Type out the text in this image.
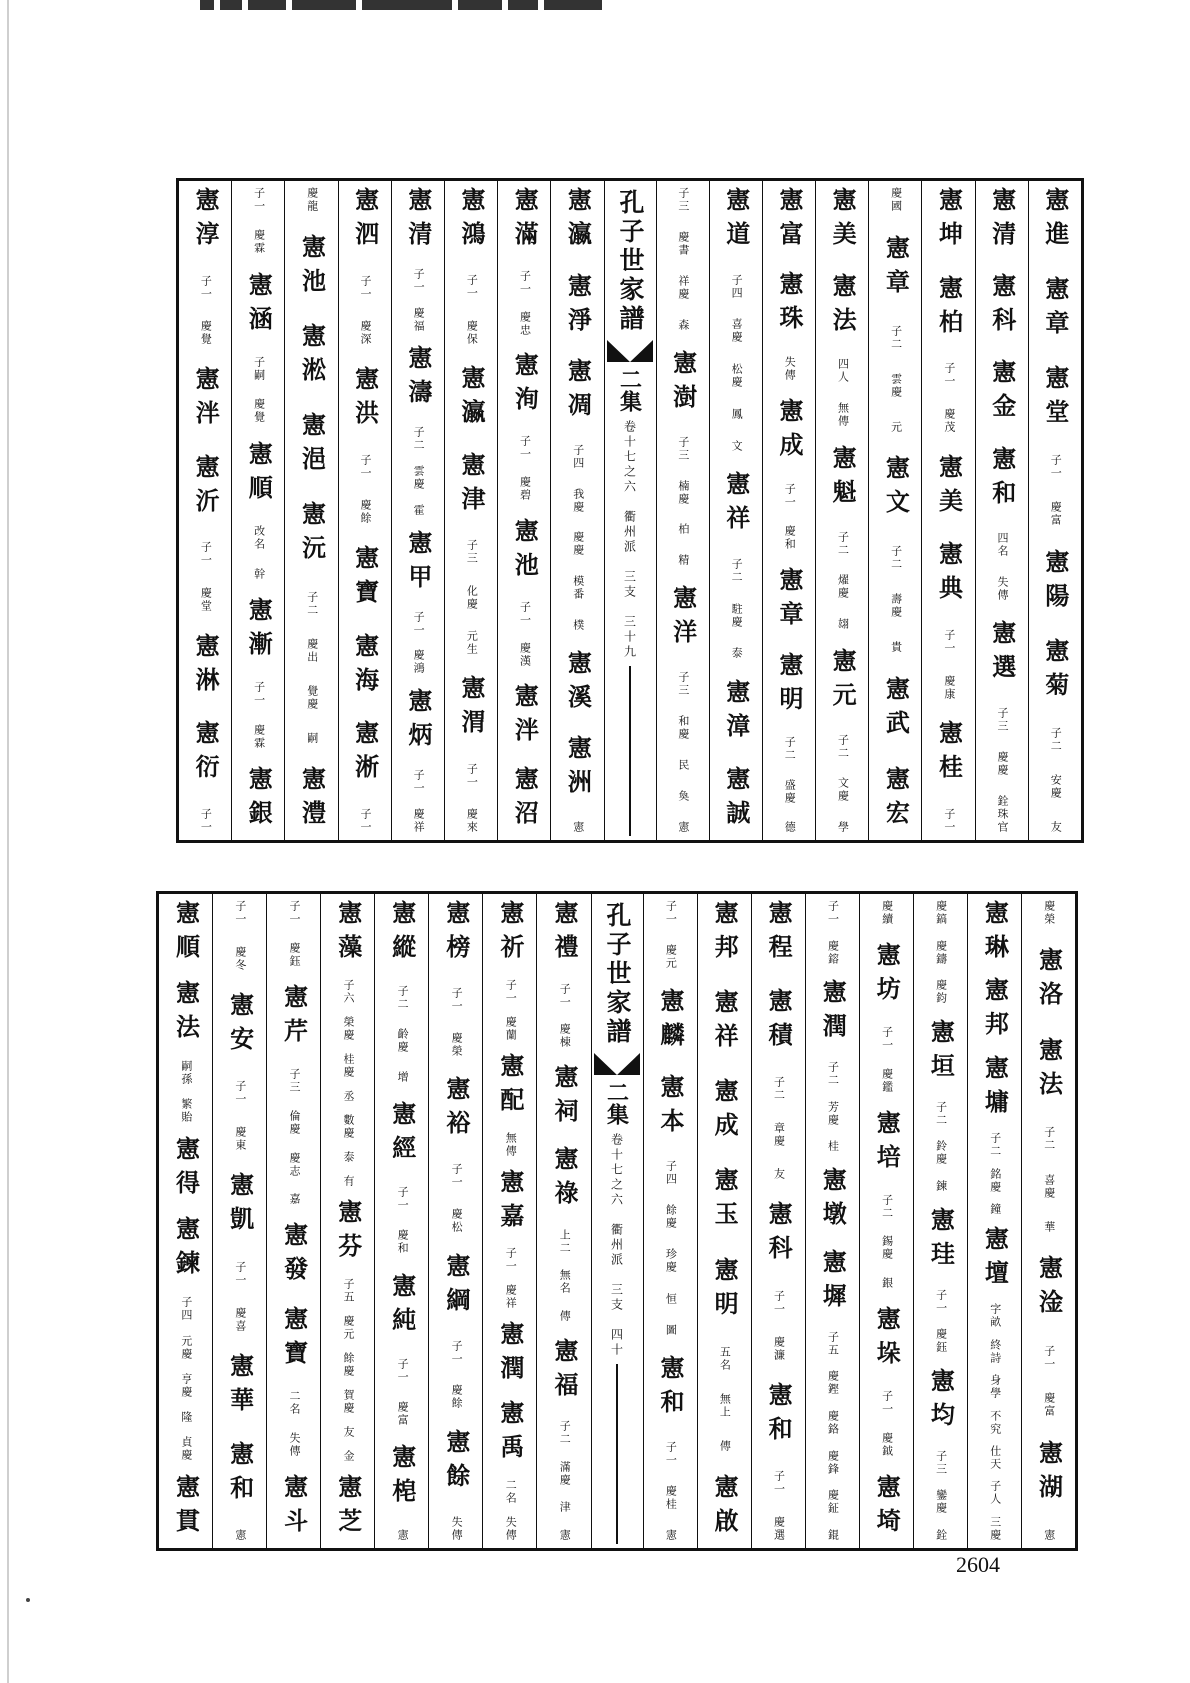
憲進
憲章
憲堂
子一
慶富
憲陽
憲菊
子二
安慶
友
憲清
憲科
憲金
憲和
四名
失傳
憲選
子三
慶慶
銓珠官
憲坤
憲柏
子一
慶茂
憲美
憲典
子一
慶康
憲桂
子一
慶國
憲章
子二
雲慶
元
憲文
子二
壽慶
貴
憲武
憲宏
憲美
憲法
四人
無傳
憲魁
子二
燿慶
翃
憲元
子二
文慶
學
憲富
憲珠
失傳
憲成
子一
慶和
憲章
憲明
子二
盛慶
德
憲道
子四
喜慶
松慶
鳳
文
憲祥
子二
駐慶
泰
憲漳
憲誠
子三
慶書
祥慶
森
憲澍
子三
楠慶
柏
精
憲洋
子三
和慶
民
奐
憲
孔子世家譜
二集
卷十七之六　衢州派　三支　三十九
憲瀛
憲淨
憲凋
子四
我慶
慶慶
模番
樸
憲溪
憲洲
憲
憲滿
子一
慶忠
憲洵
子一
慶碧
憲池
子一
慶漢
憲泮
憲沼
憲鴻
子一
慶保
憲瀛
憲津
子三
化慶
元生
憲渭
子一
慶來
憲清
子一
慶福
憲濤
子二
雲慶
霍
憲甲
子一
慶鴻
憲炳
子一
慶祥
憲泗
子一
慶深
憲洪
子一
慶餘
憲寶
憲海
憲淅
子一
慶龍
憲池
憲淞
憲浥
憲沅
子二
慶出
覺慶
嗣
憲澧
子一
慶霖
憲涵
子嗣
慶覺
憲順
改名
幹
憲漸
子一
慶霖
憲銀
憲淳
子一
慶覺
憲泮
憲沂
子一
慶堂
憲淋
憲衍
子一
慶榮
憲洛
憲法
子二
喜慶
華
憲淦
子一
慶富
憲湖
憲
憲琳
憲邦
憲墉
子二
銘慶
鐘
憲壇
字畝
終詩
身學
不究
仕天
子人
三慶
慶鎬
慶鑄
慶鈞
憲垣
子二
鈴慶
鍊
憲珪
子一
慶鈺
憲均
子三
鑾慶
銓
慶續
憲坊
子一
慶鑑
憲培
子二
錫慶
銀
憲垛
子一
慶鉞
憲埼
子一
慶鎔
憲潤
子二
芳慶
桂
憲墩
憲墀
子五
慶鏗
慶鉻
慶鋒
慶鉦
錕
憲程
憲積
子二
章慶
友
憲科
子一
慶濂
憲和
子一
慶選
憲邦
憲祥
憲成
憲玉
憲明
五名
無上
傳
憲啟
子一
慶元
憲麟
憲本
子四
餘慶
珍慶
恒
圖
憲和
子一
慶桂
憲
孔子世家譜
二集
卷十七之六　衢州派　三支　四十
憲禮
子一
慶棟
憲祠
憲祿
上二
無名
傳
憲福
子二
滿慶
津
憲
憲祈
子一
慶蘭
憲配
無傳
憲嘉
子一
慶祥
憲潤
憲禹
二名
失傳
憲榜
子一
慶榮
憲裕
子一
慶松
憲綱
子一
慶餘
憲餘
失傳
憲縱
子二
齡慶
增
憲經
子一
慶和
憲純
子一
慶富
憲梍
憲
憲藻
子六
榮慶
桂慶
丞
數慶
泰
有
憲芬
子五
慶元
餘慶
賀慶
友
金
憲芝
子一
慶鈺
憲芹
子三
倫慶
慶志
嘉
憲發
憲寶
二名
失傳
憲斗
子一
慶冬
憲安
子一
慶東
憲凱
子一
慶喜
憲華
憲和
憲
憲順
憲法
嗣孫
繁貽
憲得
憲鍊
子四
元慶
亨慶
隆
貞慶
憲貫
2604
